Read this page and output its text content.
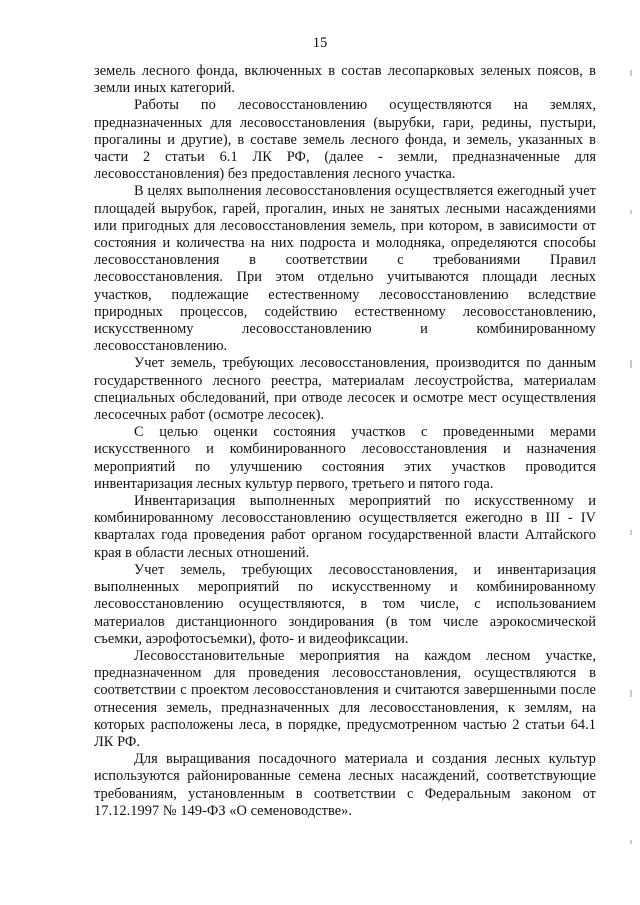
15

земель лесного фонда, включенных в состав лесопарковых зеленых поясов, в земли иных категорий.

Работы по лесовосстановлению осуществляются на землях, предназначенных для лесовосстановления (вырубки, гари, редины, пустыри, прогалины и другие), в составе земель лесного фонда, и земель, указанных в части 2 статьи 6.1 ЛК РФ, (далее - земли, предназначенные для лесовосстановления) без предоставления лесного участка.

В целях выполнения лесовосстановления осуществляется ежегодный учет площадей вырубок, гарей, прогалин, иных не занятых лесными насаждениями или пригодных для лесовосстановления земель, при котором, в зависимости от состояния и количества на них подроста и молодняка, определяются способы лесовосстановления в соответствии с требованиями Правил лесовосстановления. При этом отдельно учитываются площади лесных участков, подлежащие естественному лесовосстановлению вследствие природных процессов, содействию естественному лесовосстановлению, искусственному лесовосстановлению и комбинированному лесовосстановлению.

Учет земель, требующих лесовосстановления, производится по данным государственного лесного реестра, материалам лесоустройства, материалам специальных обследований, при отводе лесосек и осмотре мест осуществления лесосечных работ (осмотре лесосек).

С целью оценки состояния участков с проведенными мерами искусственного и комбинированного лесовосстановления и назначения мероприятий по улучшению состояния этих участков проводится инвентаризация лесных культур первого, третьего и пятого года.

Инвентаризация выполненных мероприятий по искусственному и комбинированному лесовосстановлению осуществляется ежегодно в III - IV кварталах года проведения работ органом государственной власти Алтайского края в области лесных отношений.

Учет земель, требующих лесовосстановления, и инвентаризация выполненных мероприятий по искусственному и комбинированному лесовосстановлению осуществляются, в том числе, с использованием материалов дистанционного зондирования (в том числе аэрокосмической съемки, аэрофотосъемки), фото- и видеофиксации.

Лесовосстановительные мероприятия на каждом лесном участке, предназначенном для проведения лесовосстановления, осуществляются в соответствии с проектом лесовосстановления и считаются завершенными после отнесения земель, предназначенных для лесовосстановления, к землям, на которых расположены леса, в порядке, предусмотренном частью 2 статьи 64.1 ЛК РФ.

Для выращивания посадочного материала и создания лесных культур используются районированные семена лесных насаждений, соответствующие требованиям, установленным в соответствии с Федеральным законом от 17.12.1997 № 149-ФЗ «О семеноводстве».
